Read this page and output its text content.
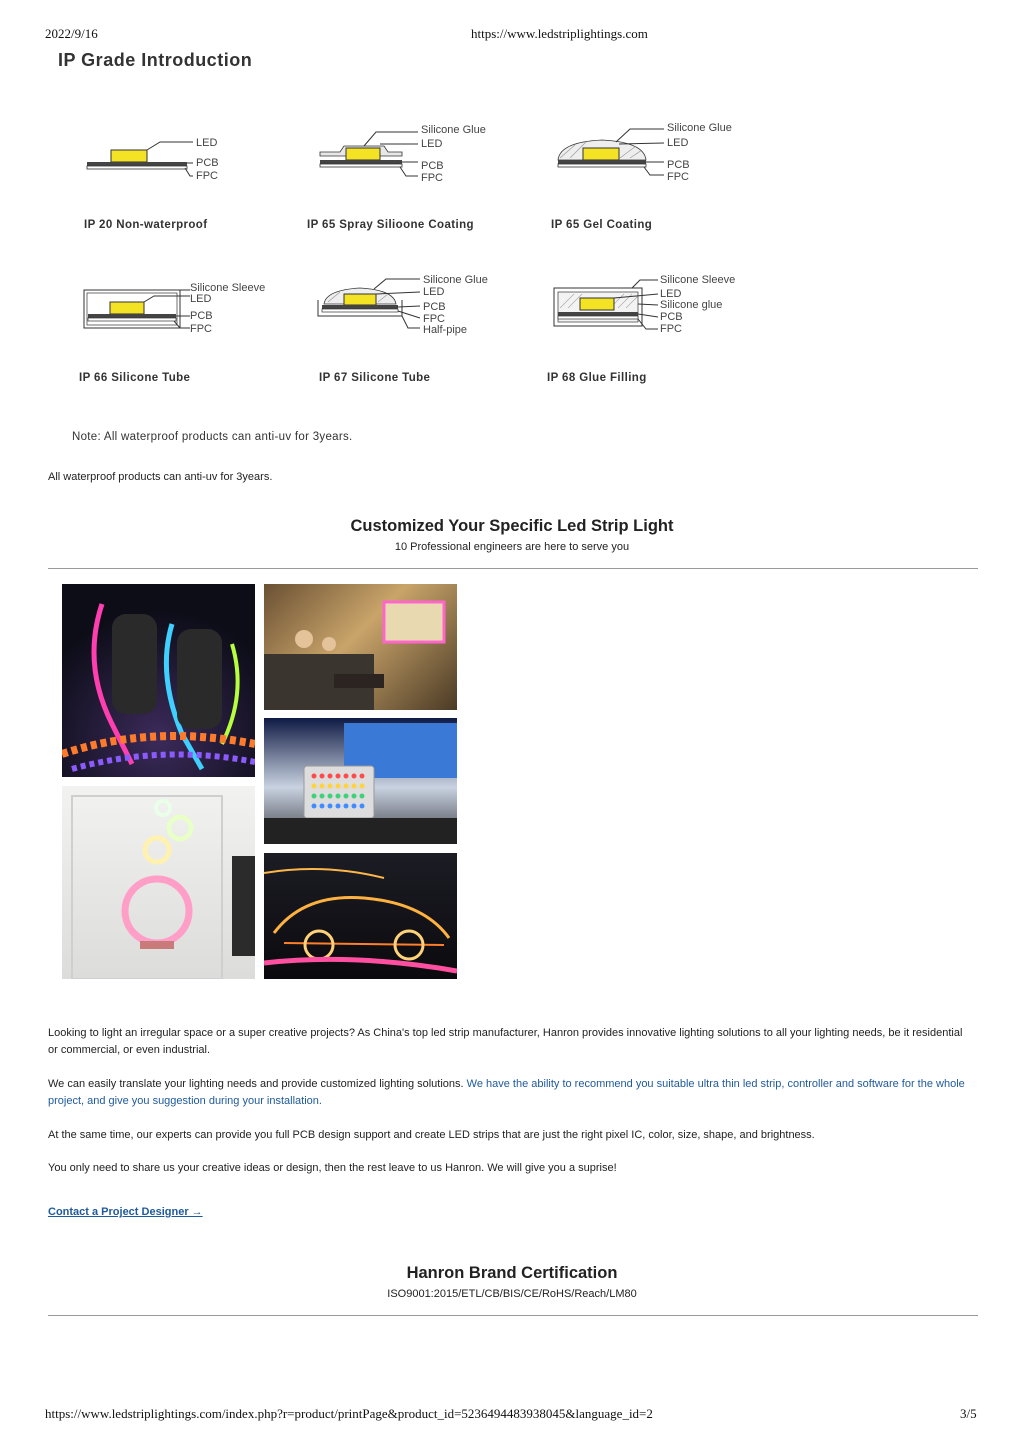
2022/9/16	https://www.ledstriplightings.com
IP Grade Introduction
LED
PCB
FPC
IP 20 Non-waterproof
Silicone Glue
LED
PCB
FPC
IP 65 Spray Silioone Coating
Silicone Glue
LED
PCB
FPC
IP 65 Gel Coating
Silicone Sleeve
LED
PCB
FPC
IP 66 Silicone Tube
Silicone Glue
LED
PCB
FPC
Half-pipe
IP 67 Silicone Tube
Silicone Sleeve
LED
Silicone glue
PCB
FPC
IP 68 Glue Filling
Note: All waterproof products can anti-uv for 3years.
All waterproof products can anti-uv for 3years.
Customized Your Specific Led Strip Light
10 Professional engineers are here to serve you
Looking to light an irregular space or a super creative projects? As China's top led strip manufacturer, Hanron provides innovative lighting solutions to all your lighting needs, be it residential or commercial, or even industrial.
We can easily translate your lighting needs and provide customized lighting solutions. We have the ability to recommend you suitable ultra thin led strip, controller and software for the whole project, and give you suggestion during your installation.
At the same time, our experts can provide you full PCB design support and create LED strips that are just the right pixel IC, color, size, shape, and brightness.
You only need to share us your creative ideas or design, then the rest leave to us Hanron. We will give you a suprise!
Contact a Project Designer →
Hanron Brand Certification
ISO9001:2015/ETL/CB/BIS/CE/RoHS/Reach/LM80
https://www.ledstriplightings.com/index.php?r=product/printPage&product_id=5236494483938045&language_id=2	3/5
